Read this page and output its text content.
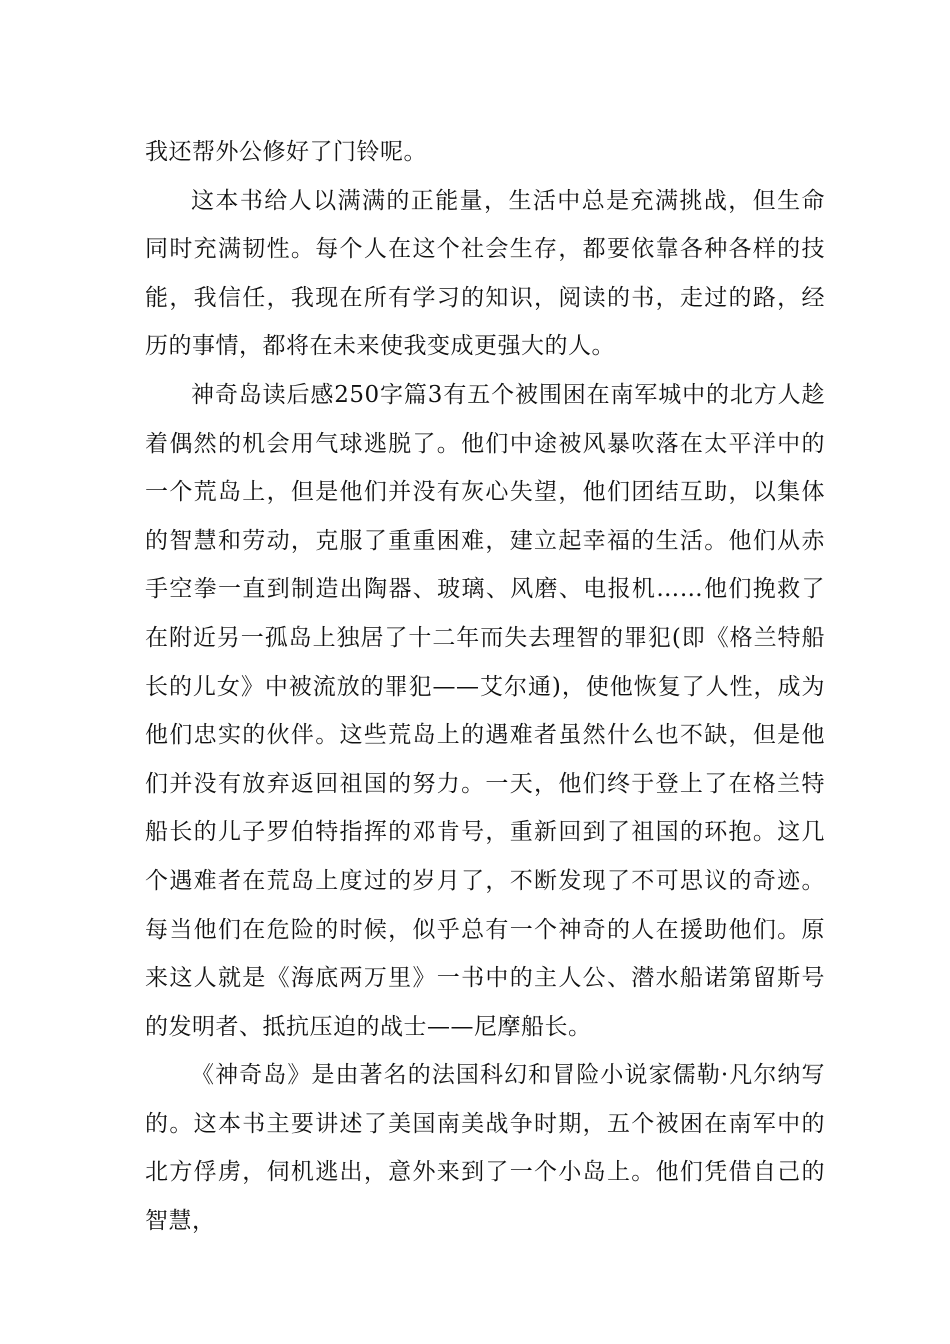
我还帮外公修好了门铃呢。

这本书给人以满满的正能量，生活中总是充满挑战，但生命同时充满韧性。每个人在这个社会生存，都要依靠各种各样的技能，我信任，我现在所有学习的知识，阅读的书，走过的路，经历的事情，都将在未来使我变成更强大的人。

神奇岛读后感250字篇3有五个被围困在南军城中的北方人趁着偶然的机会用气球逃脱了。他们中途被风暴吹落在太平洋中的一个荒岛上，但是他们并没有灰心失望，他们团结互助，以集体的智慧和劳动，克服了重重困难，建立起幸福的生活。他们从赤手空拳一直到制造出陶器、玻璃、风磨、电报机……他们挽救了在附近另一孤岛上独居了十二年而失去理智的罪犯(即《格兰特船长的儿女》中被流放的罪犯——艾尔通)，使他恢复了人性，成为他们忠实的伙伴。这些荒岛上的遇难者虽然什么也不缺，但是他们并没有放弃返回祖国的努力。一天，他们终于登上了在格兰特船长的儿子罗伯特指挥的邓肯号，重新回到了祖国的环抱。这几个遇难者在荒岛上度过的岁月了，不断发现了不可思议的奇迹。每当他们在危险的时候，似乎总有一个神奇的人在援助他们。原来这人就是《海底两万里》一书中的主人公、潜水船诺第留斯号的发明者、抵抗压迫的战士——尼摩船长。

《神奇岛》是由著名的法国科幻和冒险小说家儒勒·凡尔纳写的。这本书主要讲述了美国南美战争时期，五个被困在南军中的北方俘虏，伺机逃出，意外来到了一个小岛上。他们凭借自己的智慧，
